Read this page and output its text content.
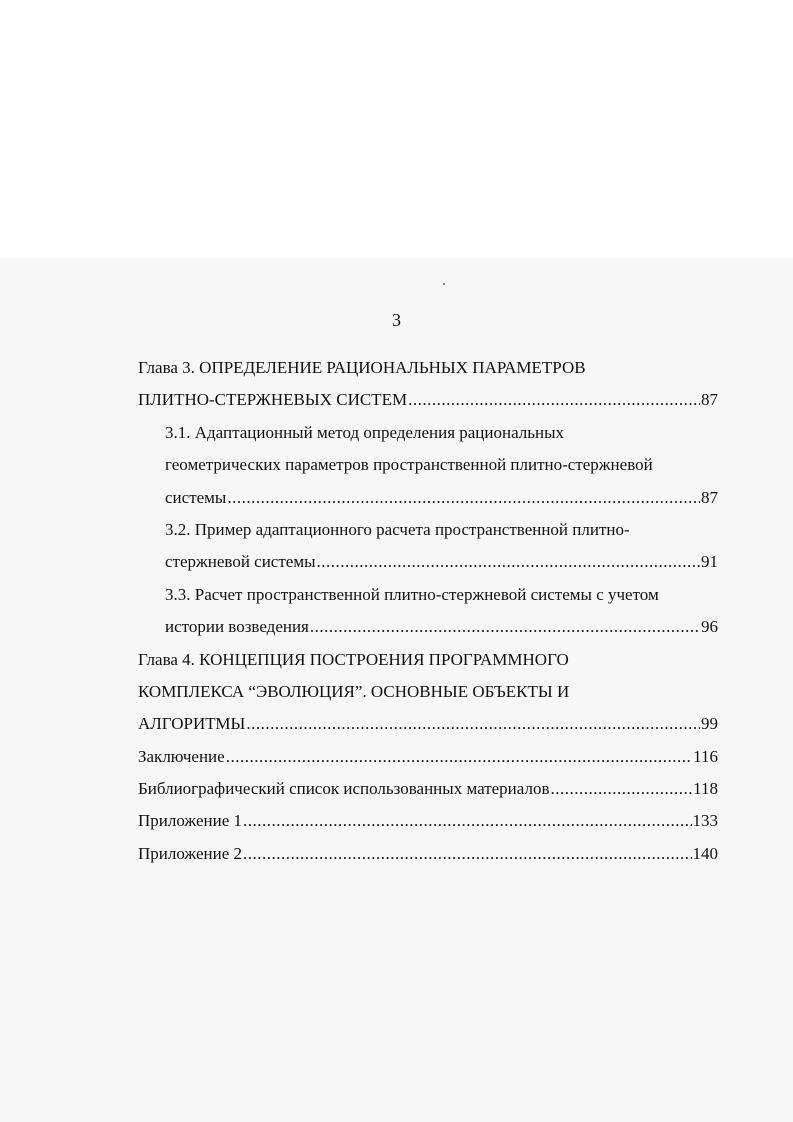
3
Глава 3. ОПРЕДЕЛЕНИЕ РАЦИОНАЛЬНЫХ ПАРАМЕТРОВ
ПЛИТНО-СТЕРЖНЕВЫХ СИСТЕМ .....	87
3.1. Адаптационный метод определения рациональных
геометрических параметров пространственной плитно-стержневой
системы .....	87
3.2. Пример адаптационного расчета пространственной плитно-
стержневой системы .....	91
3.3. Расчет пространственной плитно-стержневой системы с учетом
истории возведения .....	96
Глава 4. КОНЦЕПЦИЯ ПОСТРОЕНИЯ ПРОГРАММНОГО
КОМПЛЕКСА “ЭВОЛЮЦИЯ”. ОСНОВНЫЕ ОБЪЕКТЫ И
АЛГОРИТМЫ .....	99
Заключение .....	116
Библиографический список использованных материалов .....	118
Приложение 1 .....	133
Приложение 2 .....	140
